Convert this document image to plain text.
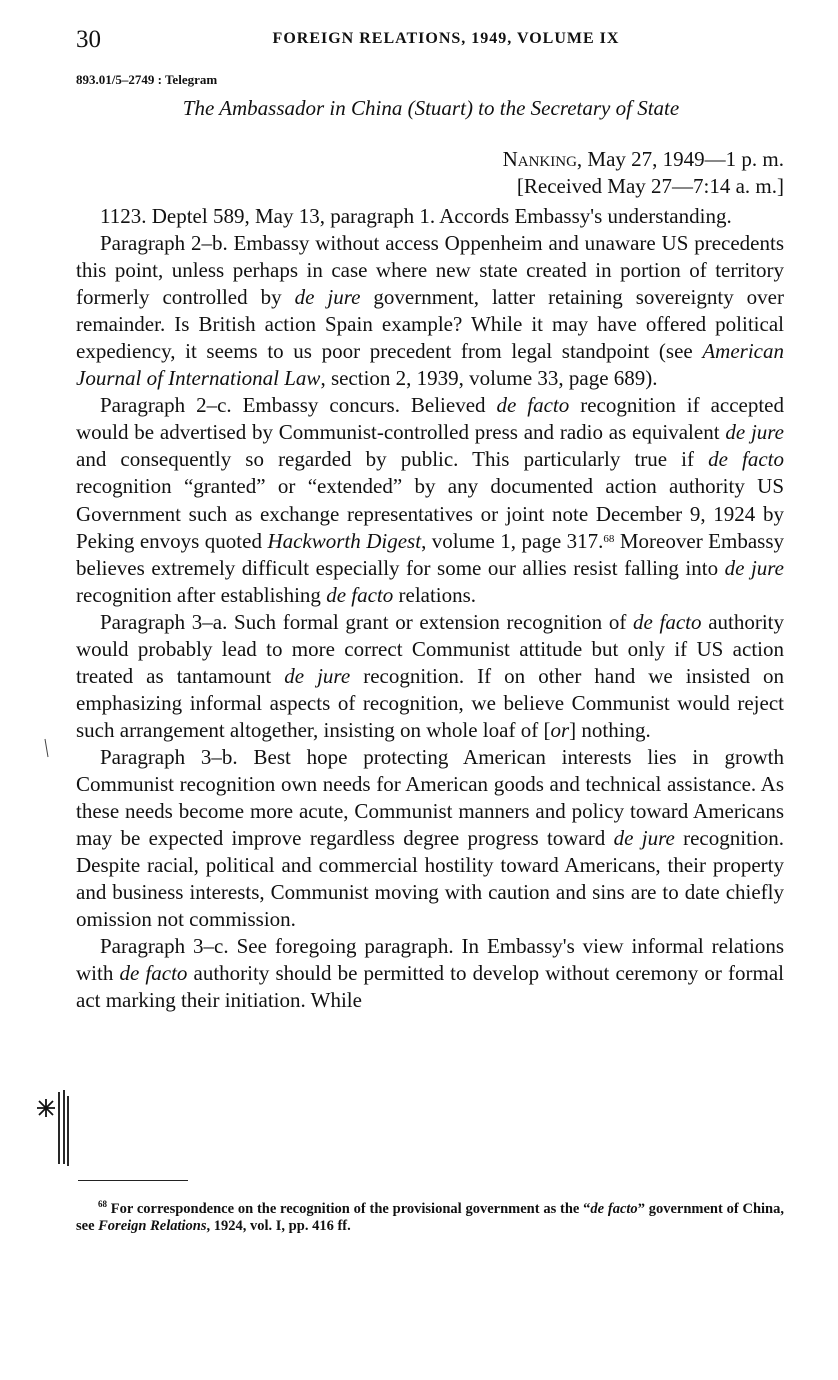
30	FOREIGN RELATIONS, 1949, VOLUME IX
893.01/5–2749 : Telegram
The Ambassador in China (Stuart) to the Secretary of State
Nanking, May 27, 1949—1 p. m.
[Received May 27—7:14 a. m.]

1123. Deptel 589, May 13, paragraph 1. Accords Embassy's understanding.

Paragraph 2–b. Embassy without access Oppenheim and unaware US precedents this point, unless perhaps in case where new state created in portion of territory formerly controlled by de jure government, latter retaining sovereignty over remainder. Is British action Spain example? While it may have offered political expediency, it seems to us poor precedent from legal standpoint (see American Journal of International Law, section 2, 1939, volume 33, page 689).

Paragraph 2–c. Embassy concurs. Believed de facto recognition if accepted would be advertised by Communist-controlled press and radio as equivalent de jure and consequently so regarded by public. This particularly true if de facto recognition “granted” or “extended” by any documented action authority US Government such as exchange representatives or joint note December 9, 1924 by Peking envoys quoted Hackworth Digest, volume 1, page 317.68 Moreover Embassy believes extremely difficult especially for some our allies resist falling into de jure recognition after establishing de facto relations.

Paragraph 3–a. Such formal grant or extension recognition of de facto authority would probably lead to more correct Communist attitude but only if US action treated as tantamount de jure recognition. If on other hand we insisted on emphasizing informal aspects of recognition, we believe Communist would reject such arrangement altogether, insisting on whole loaf of [or] nothing.

Paragraph 3–b. Best hope protecting American interests lies in growth Communist recognition own needs for American goods and technical assistance. As these needs become more acute, Communist manners and policy toward Americans may be expected improve regardless degree progress toward de jure recognition. Despite racial, political and commercial hostility toward Americans, their property and business interests, Communist moving with caution and sins are to date chiefly omission not commission.

Paragraph 3–c. See foregoing paragraph. In Embassy's view informal relations with de facto authority should be permitted to develop without ceremony or formal act marking their initiation. While

$^{68}$ For correspondence on the recognition of the provisional government as the “de facto” government of China, see Foreign Relations, 1924, vol. I, pp. 416 ff.
